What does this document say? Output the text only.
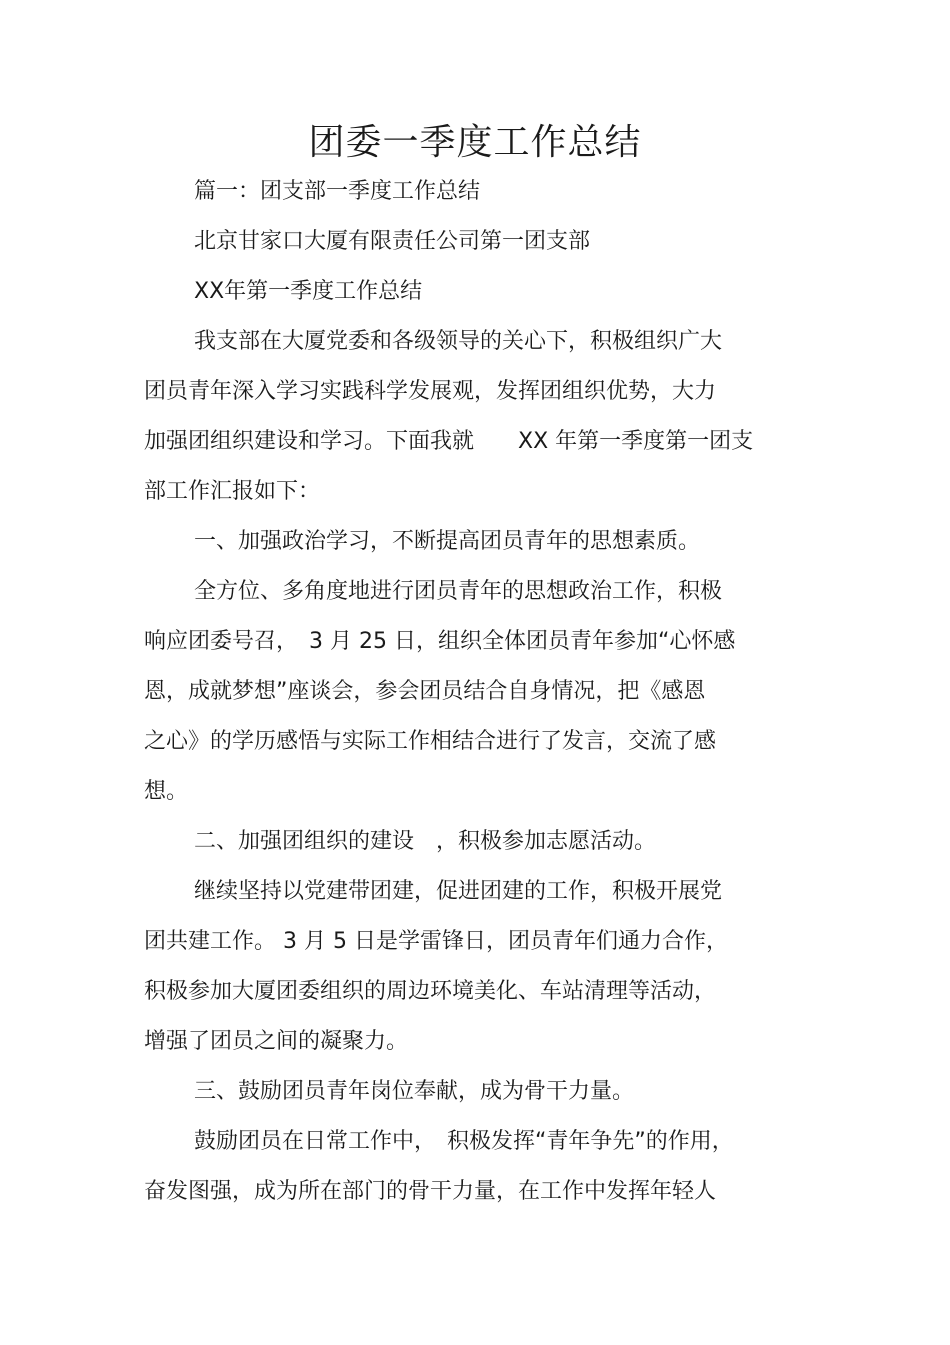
团委一季度工作总结

篇一：团支部一季度工作总结

北京甘家口大厦有限责任公司第一团支部

XX年第一季度工作总结

我支部在大厦党委和各级领导的关心下，积极组织广大

团员青年深入学习实践科学发展观，发挥团组织优势，大力

加强团组织建设和学习。下面我就　　XX 年第一季度第一团支

部工作汇报如下：

一、加强政治学习，不断提高团员青年的思想素质。

全方位、多角度地进行团员青年的思想政治工作，积极

响应团委号召，　3 月 25 日，组织全体团员青年参加“心怀感

恩，成就梦想”座谈会，参会团员结合自身情况，把《感恩

之心》的学历感悟与实际工作相结合进行了发言，交流了感

想。

二、加强团组织的建设　，积极参加志愿活动。

继续坚持以党建带团建，促进团建的工作，积极开展党

团共建工作。 3 月 5 日是学雷锋日，团员青年们通力合作，

积极参加大厦团委组织的周边环境美化、车站清理等活动，

增强了团员之间的凝聚力。

三、鼓励团员青年岗位奉献，成为骨干力量。

鼓励团员在日常工作中，　积极发挥“青年争先”的作用，

奋发图强，成为所在部门的骨干力量，在工作中发挥年轻人
